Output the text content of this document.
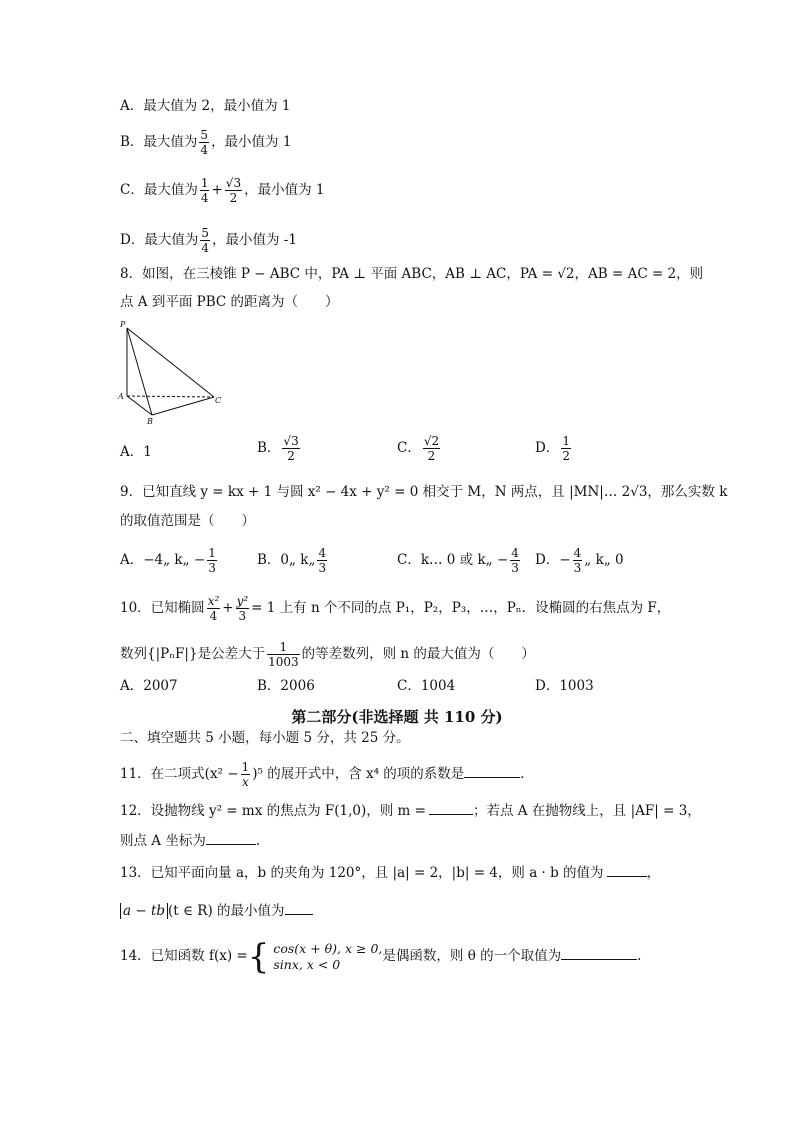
A．最大值为 2，最小值为 1
B．最大值为 $\frac{5}{4}$ ，最小值为 1
C．最大值为 $\frac{1}{4} + \frac{√3}{2}$ ，最小值为 1
D．最大值为 $\frac{5}{4}$ ，最小值为 -1
8．如图，在三棱锥 P − ABC 中，PA ⊥ 平面 ABC，AB ⊥ AC，PA = √2，AB = AC = 2，则
点 A 到平面 PBC 的距离为（　　）
P
A
B
C
A．1	B． $\frac{√3}{2}$	C． $\frac{√2}{2}$	D． $\frac{1}{2}$
9．已知直线 y = kx + 1 与圆 x² − 4x + y² = 0 相交于 M，N 两点，且 |MN|… 2√3，那么实数 k
的取值范围是（　　）
A．−4„ k„ − $\frac{1}{3}$	B．0„ k„ $\frac{4}{3}$	C．k… 0 或 k„ − $\frac{4}{3}$ D．− $\frac{4}{3}$ „ k„ 0
10．已知椭圆 $\frac{\text{x²}}{4} + \frac{\text{y²}}{3} = 1$ 上有 n 个不同的点 P₁，P₂，P₃，…，Pₙ．设椭圆的右焦点为 F，
数列{|PₙF|}是公差大于 $\frac{1}{1003}$ 的等差数列，则 n 的最大值为（　　）
A．2007	B．2006	C．1004	D．1003
第二部分(非选择题 共 110 分)
二、填空题共 5 小题，每小题 5 分，共 25 分。
11．在二项式$(x^2 - \frac{1}{x} )^5$ 的展开式中，含 x⁴ 的项的系数是	．
12．设抛物线 y² = mx 的焦点为 F(1,0)，则 m =	；若点 A 在抛物线上，且 |AF| = 3，
则点 A 坐标为	.
13．已知平面向量 a，b 的夹角为 120°，且 |a| = 2，|b| = 4，则 a · b 的值为	，
a − tb (t ∈ R) 的最小值为
14．已知函数 f(x) ={ cos(x + θ), x ≥ 0,
sinx, x < 0	是偶函数，则 θ 的一个取值为	.
